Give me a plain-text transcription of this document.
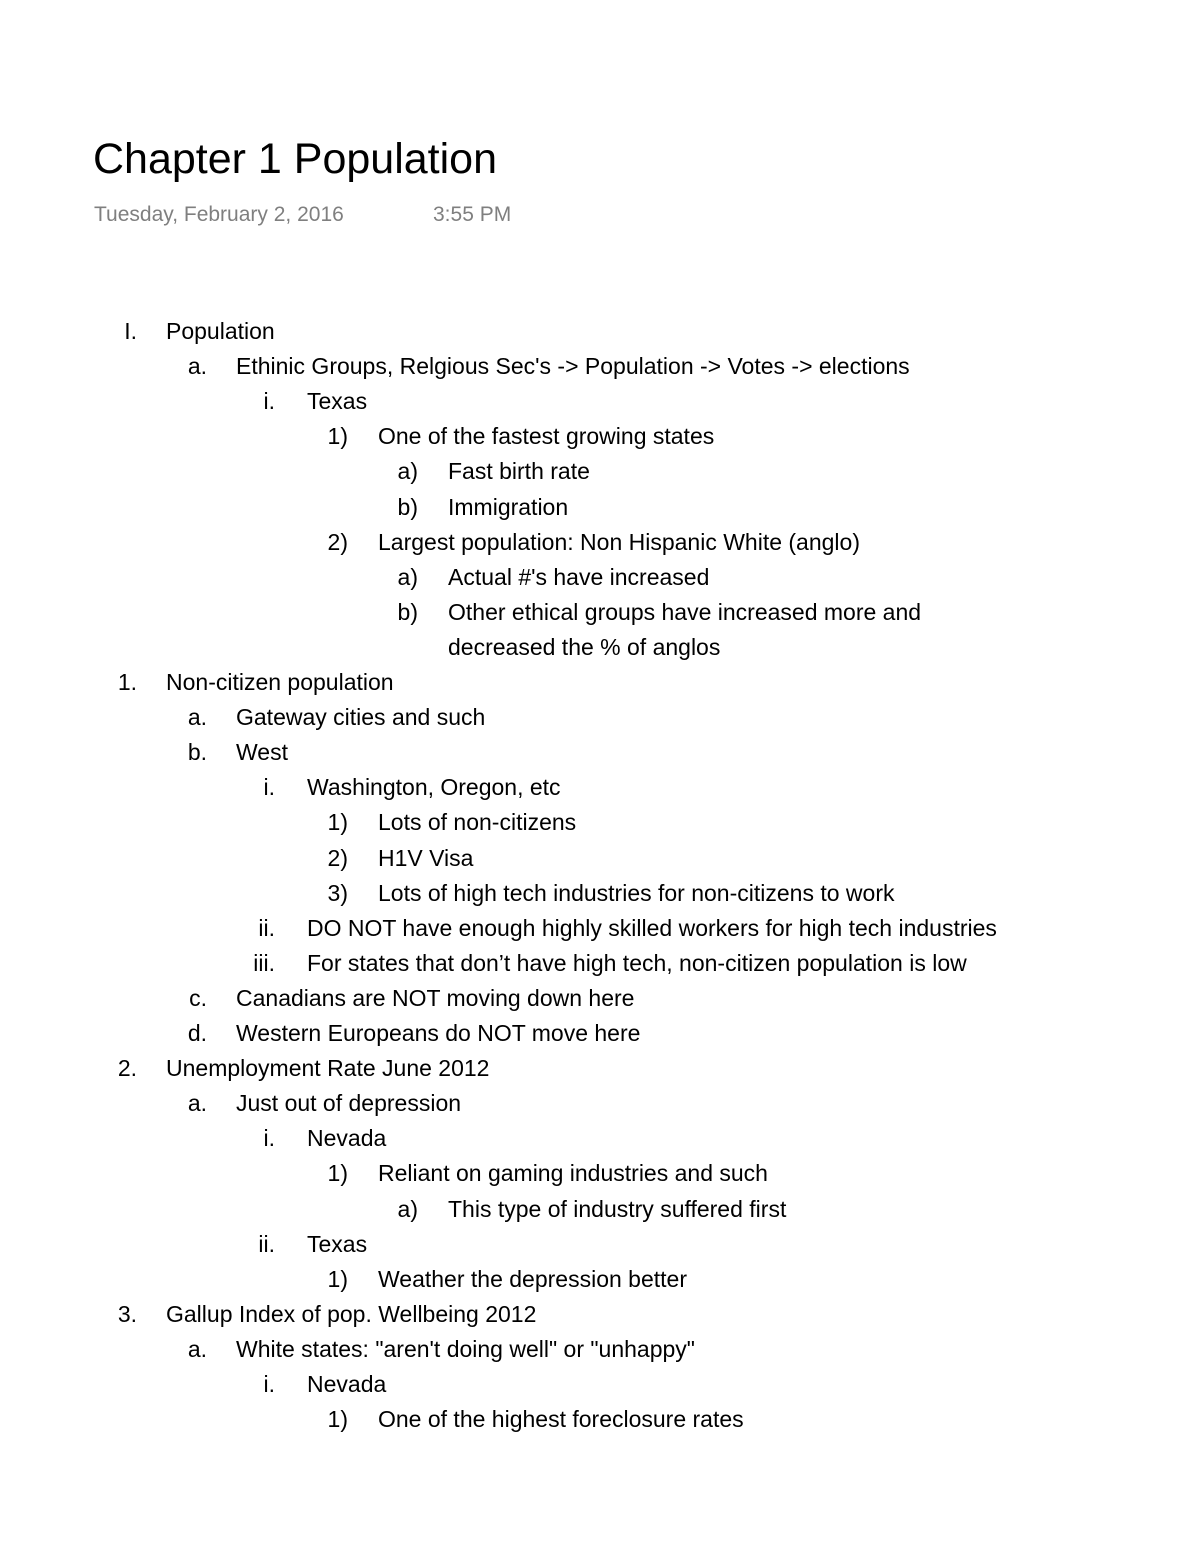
Chapter 1 Population
Tuesday, February 2, 2016	3:55 PM
I. Population
a. Ethinic Groups, Relgious Sec's -> Population -> Votes -> elections
i. Texas
1) One of the fastest growing states
a) Fast birth rate
b) Immigration
2) Largest population: Non Hispanic White (anglo)
a) Actual #'s have increased
b) Other ethical groups have increased more and
decreased the % of anglos
1. Non-citizen population
a. Gateway cities and such
b. West
i. Washington, Oregon, etc
1) Lots of non-citizens
2) H1V Visa
3) Lots of high tech industries for non-citizens to work
ii. DO NOT have enough highly skilled workers for high tech industries
iii. For states that don’t have high tech, non-citizen population is low
c. Canadians are NOT moving down here
d. Western Europeans do NOT move here
2. Unemployment Rate June 2012
a. Just out of depression
i. Nevada
1) Reliant on gaming industries and such
a) This type of industry suffered first
ii. Texas
1) Weather the depression better
3. Gallup Index of pop. Wellbeing 2012
a. White states: "aren't doing well" or "unhappy"
i. Nevada
1) One of the highest foreclosure rates
